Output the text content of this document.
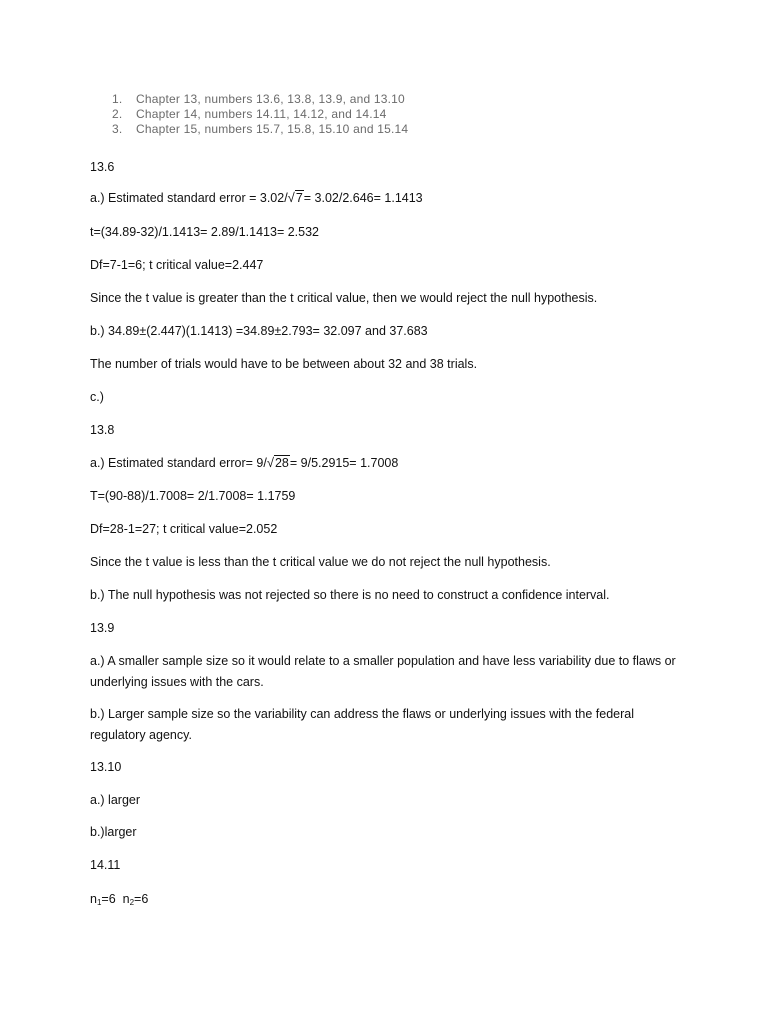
1. Chapter 13, numbers 13.6, 13.8, 13.9, and 13.10
2. Chapter 14, numbers 14.11, 14.12, and 14.14
3. Chapter 15, numbers 15.7, 15.8, 15.10 and 15.14
13.6
a.) Estimated standard error = 3.02/ √ 7 = 3.02/2.646= 1.1413
t=(34.89-32)/1.1413= 2.89/1.1413= 2.532
Df=7-1=6; t critical value=2.447
Since the t value is greater than the t critical value, then we would reject the null hypothesis.
b.) 34.89±(2.447)(1.1413) =34.89±2.793= 32.097 and 37.683
The number of trials would have to be between about 32 and 38 trials.
c.)
13.8
a.) Estimated standard error= 9/ √ 28 = 9/5.2915= 1.7008
T=(90-88)/1.7008= 2/1.7008= 1.1759
Df=28-1=27; t critical value=2.052
Since the t value is less than the t critical value we do not reject the null hypothesis.
b.) The null hypothesis was not rejected so there is no need to construct a confidence interval.
13.9
a.) A smaller sample size so it would relate to a smaller population and have less variability due to flaws or underlying issues with the cars.
b.) Larger sample size so the variability can address the flaws or underlying issues with the federal regulatory agency.
13.10
a.) larger
b.)larger
14.11
$n_1=6$ $n_2=6$
